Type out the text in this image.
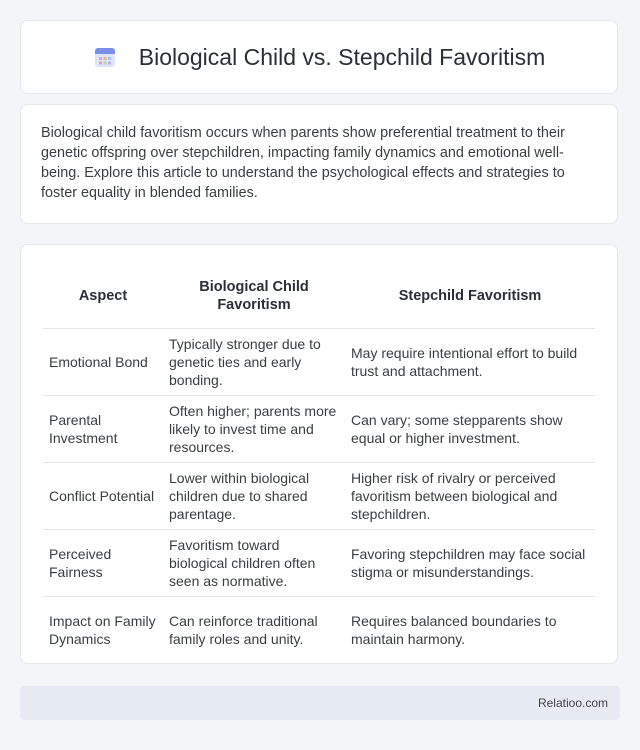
Biological Child vs. Stepchild Favoritism

Biological child favoritism occurs when parents show preferential treatment to their genetic offspring over stepchildren, impacting family dynamics and emotional well-being. Explore this article to understand the psychological effects and strategies to foster equality in blended families.

Aspect	Biological Child Favoritism	Stepchild Favoritism
Emotional Bond	Typically stronger due to genetic ties and early bonding.	May require intentional effort to build trust and attachment.
Parental Investment	Often higher; parents more likely to invest time and resources.	Can vary; some stepparents show equal or higher investment.
Conflict Potential	Lower within biological children due to shared parentage.	Higher risk of rivalry or perceived favoritism between biological and stepchildren.
Perceived Fairness	Favoritism toward biological children often seen as normative.	Favoring stepchildren may face social stigma or misunderstandings.
Impact on Family Dynamics	Can reinforce traditional family roles and unity.	Requires balanced boundaries to maintain harmony.
Relatioo.com
